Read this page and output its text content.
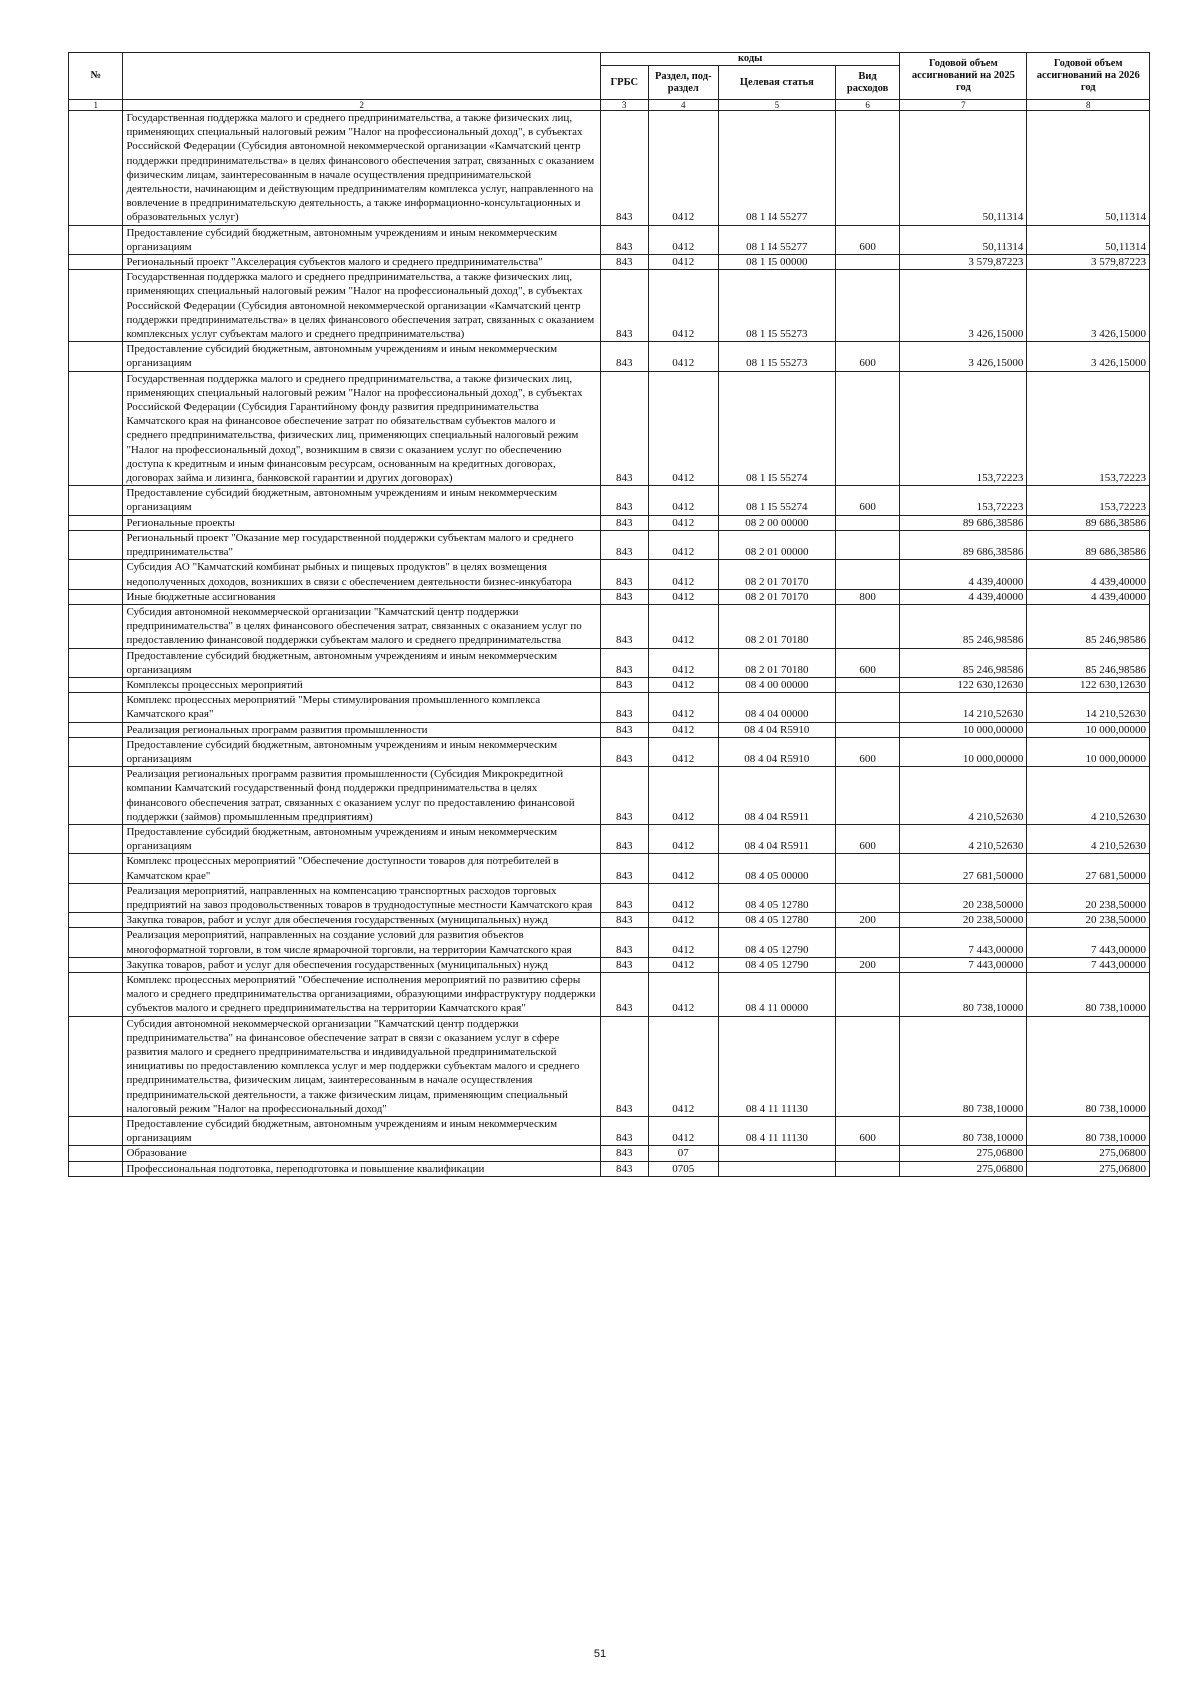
№		коды				Годовой объем ассигнований на 2025 год	Годовой объем ассигнований на 2026 год
		ГРБС	Раздел, под-раздел	Целевая статья	Вид расходов		
1	2	3	4	5	6	7	8
	Государственная поддержка малого и среднего предпринимательства, а также физических лиц, применяющих специальный налоговый режим "Налог на профессиональный доход", в субъектах Российской Федерации (Субсидия автономной некоммерческой организации «Камчатский центр поддержки предпринимательства» в целях финансового обеспечения затрат, связанных с оказанием физическим лицам, заинтересованным в начале осуществления предпринимательской деятельности, начинающим и действующим предпринимателям комплекса услуг, направленного на вовлечение в предпринимательскую деятельность, а также информационно-консультационных и образовательных услуг)	843	0412	08 1 I4 55277		50,11314	50,11314
	Предоставление субсидий бюджетным, автономным учреждениям и иным некоммерческим организациям	843	0412	08 1 I4 55277	600	50,11314	50,11314
	Региональный проект "Акселерация субъектов малого и среднего предпринимательства"	843	0412	08 1 I5 00000		3 579,87223	3 579,87223
	Государственная поддержка малого и среднего предпринимательства, а также физических лиц, применяющих специальный налоговый режим "Налог на профессиональный доход", в субъектах Российской Федерации (Субсидия автономной некоммерческой организации «Камчатский центр поддержки предпринимательства» в целях финансового обеспечения затрат, связанных с оказанием комплексных услуг субъектам малого и среднего предпринимательства)	843	0412	08 1 I5 55273		3 426,15000	3 426,15000
	Предоставление субсидий бюджетным, автономным учреждениям и иным некоммерческим организациям	843	0412	08 1 I5 55273	600	3 426,15000	3 426,15000
	Государственная поддержка малого и среднего предпринимательства, а также физических лиц, применяющих специальный налоговый режим "Налог на профессиональный доход", в субъектах Российской Федерации (Субсидия Гарантийному фонду развития предпринимательства Камчатского края на финансовое обеспечение затрат по обязательствам субъектов малого и среднего предпринимательства, физических лиц, применяющих специальный налоговый режим "Налог на профессиональный доход", возникшим в связи с оказанием услуг по обеспечению доступа к кредитным и иным финансовым ресурсам, основанным на кредитных договорах, договорах займа и лизинга, банковской гарантии и других договорах)	843	0412	08 1 I5 55274		153,72223	153,72223
	Предоставление субсидий бюджетным, автономным учреждениям и иным некоммерческим организациям	843	0412	08 1 I5 55274	600	153,72223	153,72223
	Региональные проекты	843	0412	08 2 00 00000		89 686,38586	89 686,38586
	Региональный проект "Оказание мер государственной поддержки субъектам малого и среднего предпринимательства"	843	0412	08 2 01 00000		89 686,38586	89 686,38586
	Субсидия АО "Камчатский комбинат рыбных и пищевых продуктов" в целях возмещения недополученных доходов, возникших в связи с обеспечением деятельности бизнес-инкубатора	843	0412	08 2 01 70170		4 439,40000	4 439,40000
	Иные бюджетные ассигнования	843	0412	08 2 01 70170	800	4 439,40000	4 439,40000
	Субсидия автономной некоммерческой организации "Камчатский центр поддержки предпринимательства" в целях финансового обеспечения затрат, связанных с оказанием услуг по предоставлению финансовой поддержки субъектам малого и среднего предпринимательства	843	0412	08 2 01 70180		85 246,98586	85 246,98586
	Предоставление субсидий бюджетным, автономным учреждениям и иным некоммерческим организациям	843	0412	08 2 01 70180	600	85 246,98586	85 246,98586
	Комплексы процессных мероприятий	843	0412	08 4 00 00000		122 630,12630	122 630,12630
	Комплекс процессных мероприятий "Меры стимулирования промышленного комплекса Камчатского края"	843	0412	08 4 04 00000		14 210,52630	14 210,52630
	Реализация региональных программ развития промышленности	843	0412	08 4 04 R5910		10 000,00000	10 000,00000
	Предоставление субсидий бюджетным, автономным учреждениям и иным некоммерческим организациям	843	0412	08 4 04 R5910	600	10 000,00000	10 000,00000
	Реализация региональных программ развития промышленности (Субсидия Микрокредитной компании Камчатский государственный фонд поддержки предпринимательства в целях финансового обеспечения затрат, связанных с оказанием услуг по предоставлению финансовой поддержки (займов) промышленным предприятиям)	843	0412	08 4 04 R5911		4 210,52630	4 210,52630
	Предоставление субсидий бюджетным, автономным учреждениям и иным некоммерческим организациям	843	0412	08 4 04 R5911	600	4 210,52630	4 210,52630
	Комплекс процессных мероприятий "Обеспечение доступности товаров для потребителей в Камчатском крае"	843	0412	08 4 05 00000		27 681,50000	27 681,50000
	Реализация мероприятий, направленных на компенсацию транспортных расходов торговых предприятий на завоз продовольственных товаров в труднодоступные местности Камчатского края	843	0412	08 4 05 12780		20 238,50000	20 238,50000
	Закупка товаров, работ и услуг для обеспечения государственных (муниципальных) нужд	843	0412	08 4 05 12780	200	20 238,50000	20 238,50000
	Реализация мероприятий, направленных на создание условий для развития объектов многоформатной торговли, в том числе ярмарочной торговли, на территории Камчатского края	843	0412	08 4 05 12790		7 443,00000	7 443,00000
	Закупка товаров, работ и услуг для обеспечения государственных (муниципальных) нужд	843	0412	08 4 05 12790	200	7 443,00000	7 443,00000
	Комплекс процессных мероприятий "Обеспечение исполнения мероприятий по развитию сферы малого и среднего предпринимательства организациями, образующими инфраструктуру поддержки субъектов малого и среднего предпринимательства на территории Камчатского края"	843	0412	08 4 11 00000		80 738,10000	80 738,10000
	Субсидия автономной некоммерческой организации "Камчатский центр поддержки предпринимательства" на финансовое обеспечение затрат в связи с оказанием услуг в сфере развития малого и среднего предпринимательства и индивидуальной предпринимательской инициативы по предоставлению комплекса услуг и мер поддержки субъектам малого и среднего предпринимательства, физическим лицам, заинтересованным в начале осуществления предпринимательской деятельности, а также физическим лицам, применяющим специальный налоговый режим "Налог на профессиональный доход"	843	0412	08 4 11 11130		80 738,10000	80 738,10000
	Предоставление субсидий бюджетным, автономным учреждениям и иным некоммерческим организациям	843	0412	08 4 11 11130	600	80 738,10000	80 738,10000
	Образование	843	07			275,06800	275,06800
	Профессиональная подготовка, переподготовка и повышение квалификации	843	0705			275,06800	275,06800
51
